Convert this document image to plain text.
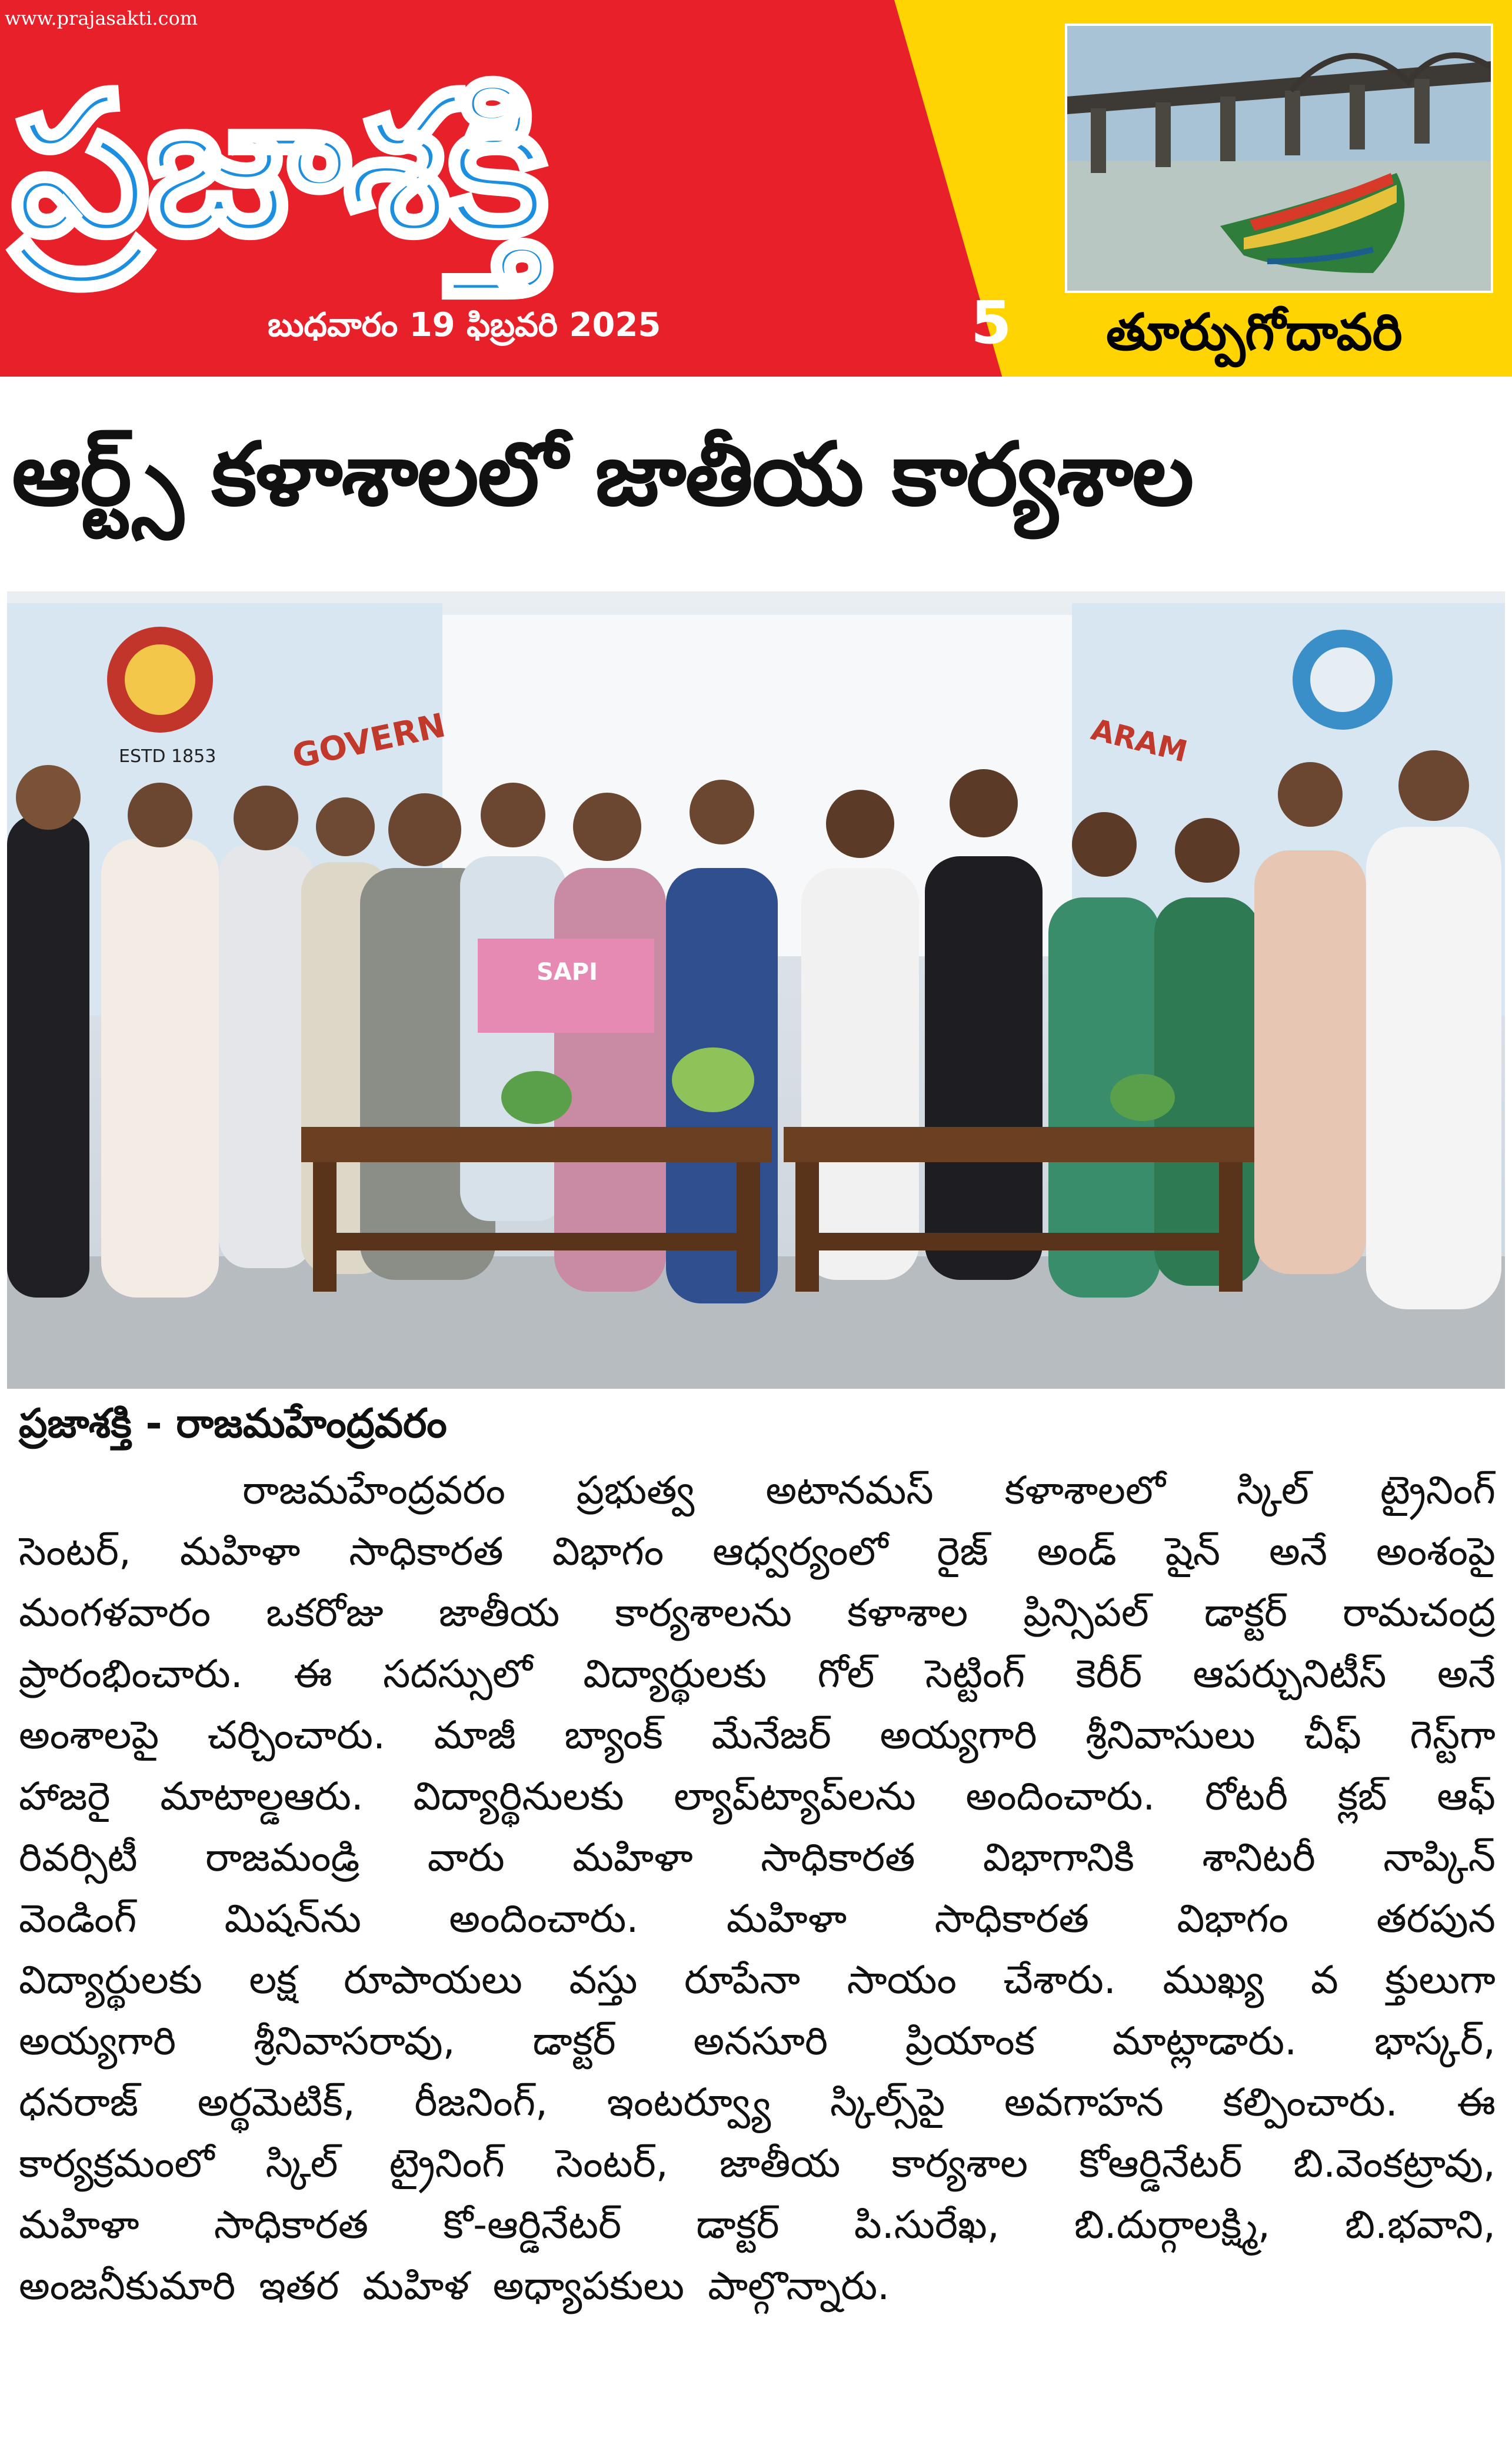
www.prajasakti.com
ప్రజాశక్తి
బుధవారం 19 ఫిబ్రవరి 2025	5 తూర్పుగోదావరి
ఆర్ట్స్ కళాశాలలో జాతీయ కార్యశాల
ESTD 1853 GOVERN	ARAM
SAPI
ప్రజాశక్తి - రాజమహేంద్రవరం
రాజమహేంద్రవరం ప్రభుత్వ అటానమస్ కళాశాలలో స్కిల్ ట్రైనింగ్
సెంటర్, మహిళా సాధికారత విభాగం ఆధ్వర్యంలో రైజ్ అండ్ షైన్ అనే అంశంపై
మంగళవారం ఒకరోజు జాతీయ కార్యశాలను కళాశాల ప్రిన్సిపల్ డాక్టర్ రామచంద్ర
ప్రారంభించారు. ఈ సదస్సులో విద్యార్థులకు గోల్ సెట్టింగ్ కెరీర్ ఆపర్చునిటీస్ అనే
అంశాలపై చర్చించారు. మాజీ బ్యాంక్ మేనేజర్ అయ్యగారి శ్రీనివాసులు చీఫ్ గెస్ట్‌గా
హాజరై మాటాల్డఆరు. విద్యార్థినులకు ల్యాప్‌ట్యాప్‌లను అందించారు. రోటరీ క్లబ్ ఆఫ్
రివర్సిటీ రాజమండ్రి వారు మహిళా సాధికారత విభాగానికి శానిటరీ నాప్కిన్
వెండింగ్ మిషన్‌ను అందించారు. మహిళా సాధికారత విభాగం తరపున
విద్యార్థులకు లక్ష రూపాయలు వస్తు రూపేనా సాయం చేశారు. ముఖ్య వ క్తులుగా
అయ్యగారి శ్రీనివాసరావు, డాక్టర్ అనసూరి ప్రియాంక మాట్లాడారు. భాస్కర్,
ధనరాజ్ అర్థమెటిక్, రీజనింగ్, ఇంటర్వ్యూ స్కిల్స్‌పై అవగాహన కల్పించారు. ఈ
కార్యక్రమంలో స్కిల్ ట్రైనింగ్ సెంటర్, జాతీయ కార్యశాల కోఆర్డినేటర్ బి.వెంకట్రావు,
మహిళా సాధికారత కో-ఆర్డినేటర్ డాక్టర్ పి.సురేఖ, బి.దుర్గాలక్ష్మి, బి.భవాని,
అంజనీకుమారి ఇతర మహిళ అధ్యాపకులు పాల్గొన్నారు.
